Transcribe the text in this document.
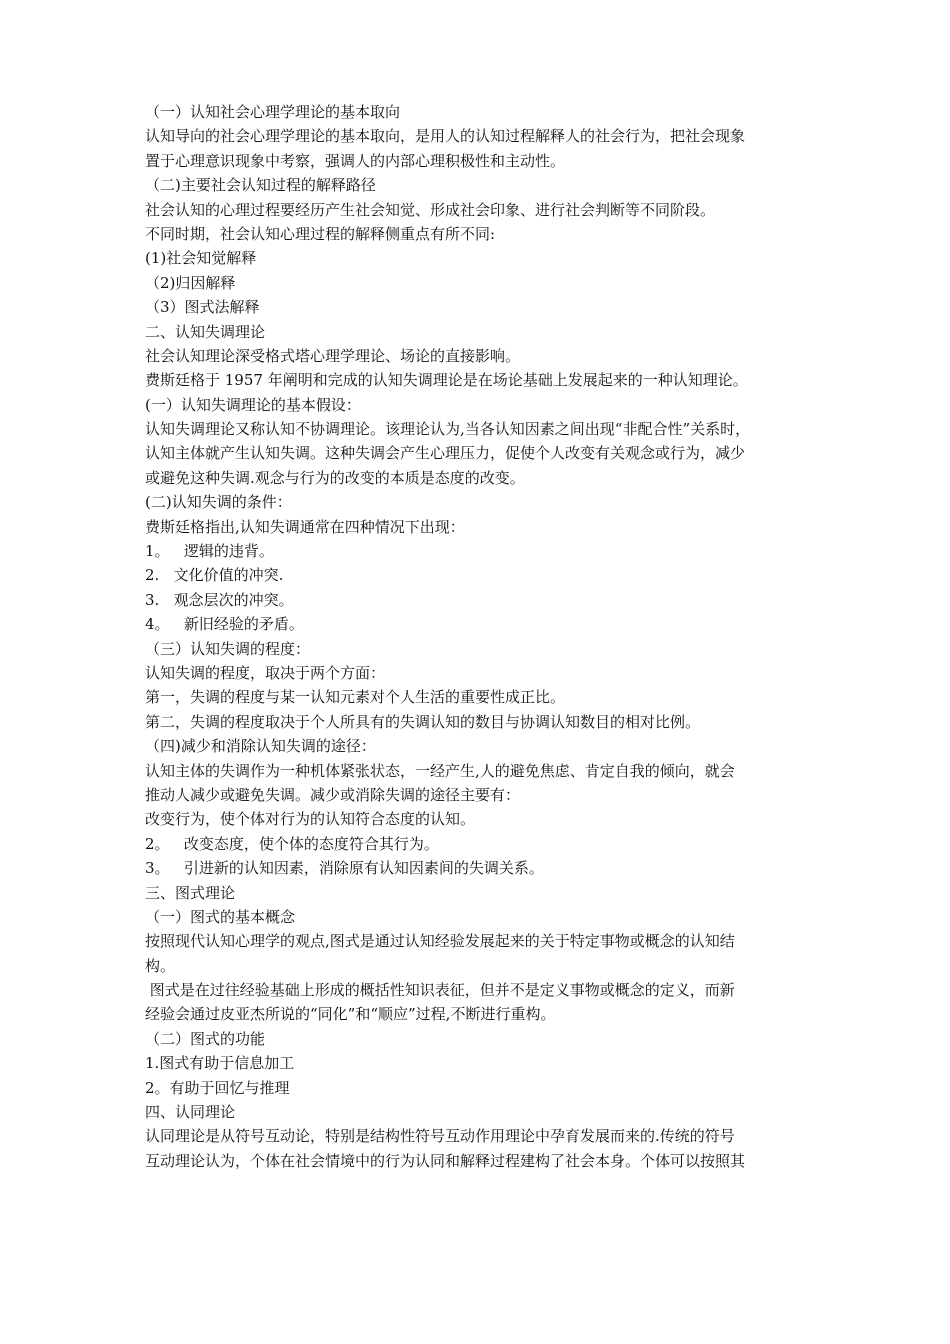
（一）认知社会心理学理论的基本取向
认知导向的社会心理学理论的基本取向，是用人的认知过程解释人的社会行为，把社会现象
置于心理意识现象中考察，强调人的内部心理积极性和主动性。
（二)主要社会认知过程的解释路径
社会认知的心理过程要经历产生社会知觉、形成社会印象、进行社会判断等不同阶段。
不同时期，社会认知心理过程的解释侧重点有所不同:
(1)社会知觉解释
（2)归因解释
（3）图式法解释
二、认知失调理论
社会认知理论深受格式塔心理学理论、场论的直接影响。
费斯廷格于 1957 年阐明和完成的认知失调理论是在场论基础上发展起来的一种认知理论。
(一）认知失调理论的基本假设：
认知失调理论又称认知不协调理论。该理论认为,当各认知因素之间出现“非配合性”关系时，
认知主体就产生认知失调。这种失调会产生心理压力，促使个人改变有关观念或行为，减少
或避免这种失调.观念与行为的改变的本质是态度的改变。
(二)认知失调的条件：
费斯廷格指出,认知失调通常在四种情况下出现：
1。   逻辑的违背。
2.   文化价值的冲突.
3.   观念层次的冲突。
4。   新旧经验的矛盾。
（三）认知失调的程度：
认知失调的程度，取决于两个方面：
第一，失调的程度与某一认知元素对个人生活的重要性成正比。
第二，失调的程度取决于个人所具有的失调认知的数目与协调认知数目的相对比例。
（四)减少和消除认知失调的途径：
认知主体的失调作为一种机体紧张状态，一经产生,人的避免焦虑、肯定自我的倾向，就会
推动人减少或避免失调。减少或消除失调的途径主要有：
改变行为，使个体对行为的认知符合态度的认知。
2。   改变态度，使个体的态度符合其行为。
3。   引进新的认知因素，消除原有认知因素间的失调关系。
三、图式理论
（一）图式的基本概念
按照现代认知心理学的观点,图式是通过认知经验发展起来的关于特定事物或概念的认知结
构。
图式是在过往经验基础上形成的概括性知识表征，但并不是定义事物或概念的定义，而新
经验会通过皮亚杰所说的“同化”和“顺应”过程,不断进行重构。
（二）图式的功能
1.图式有助于信息加工
2。有助于回忆与推理
四、认同理论
认同理论是从符号互动论，特别是结构性符号互动作用理论中孕育发展而来的.传统的符号
互动理论认为，个体在社会情境中的行为认同和解释过程建构了社会本身。个体可以按照其
